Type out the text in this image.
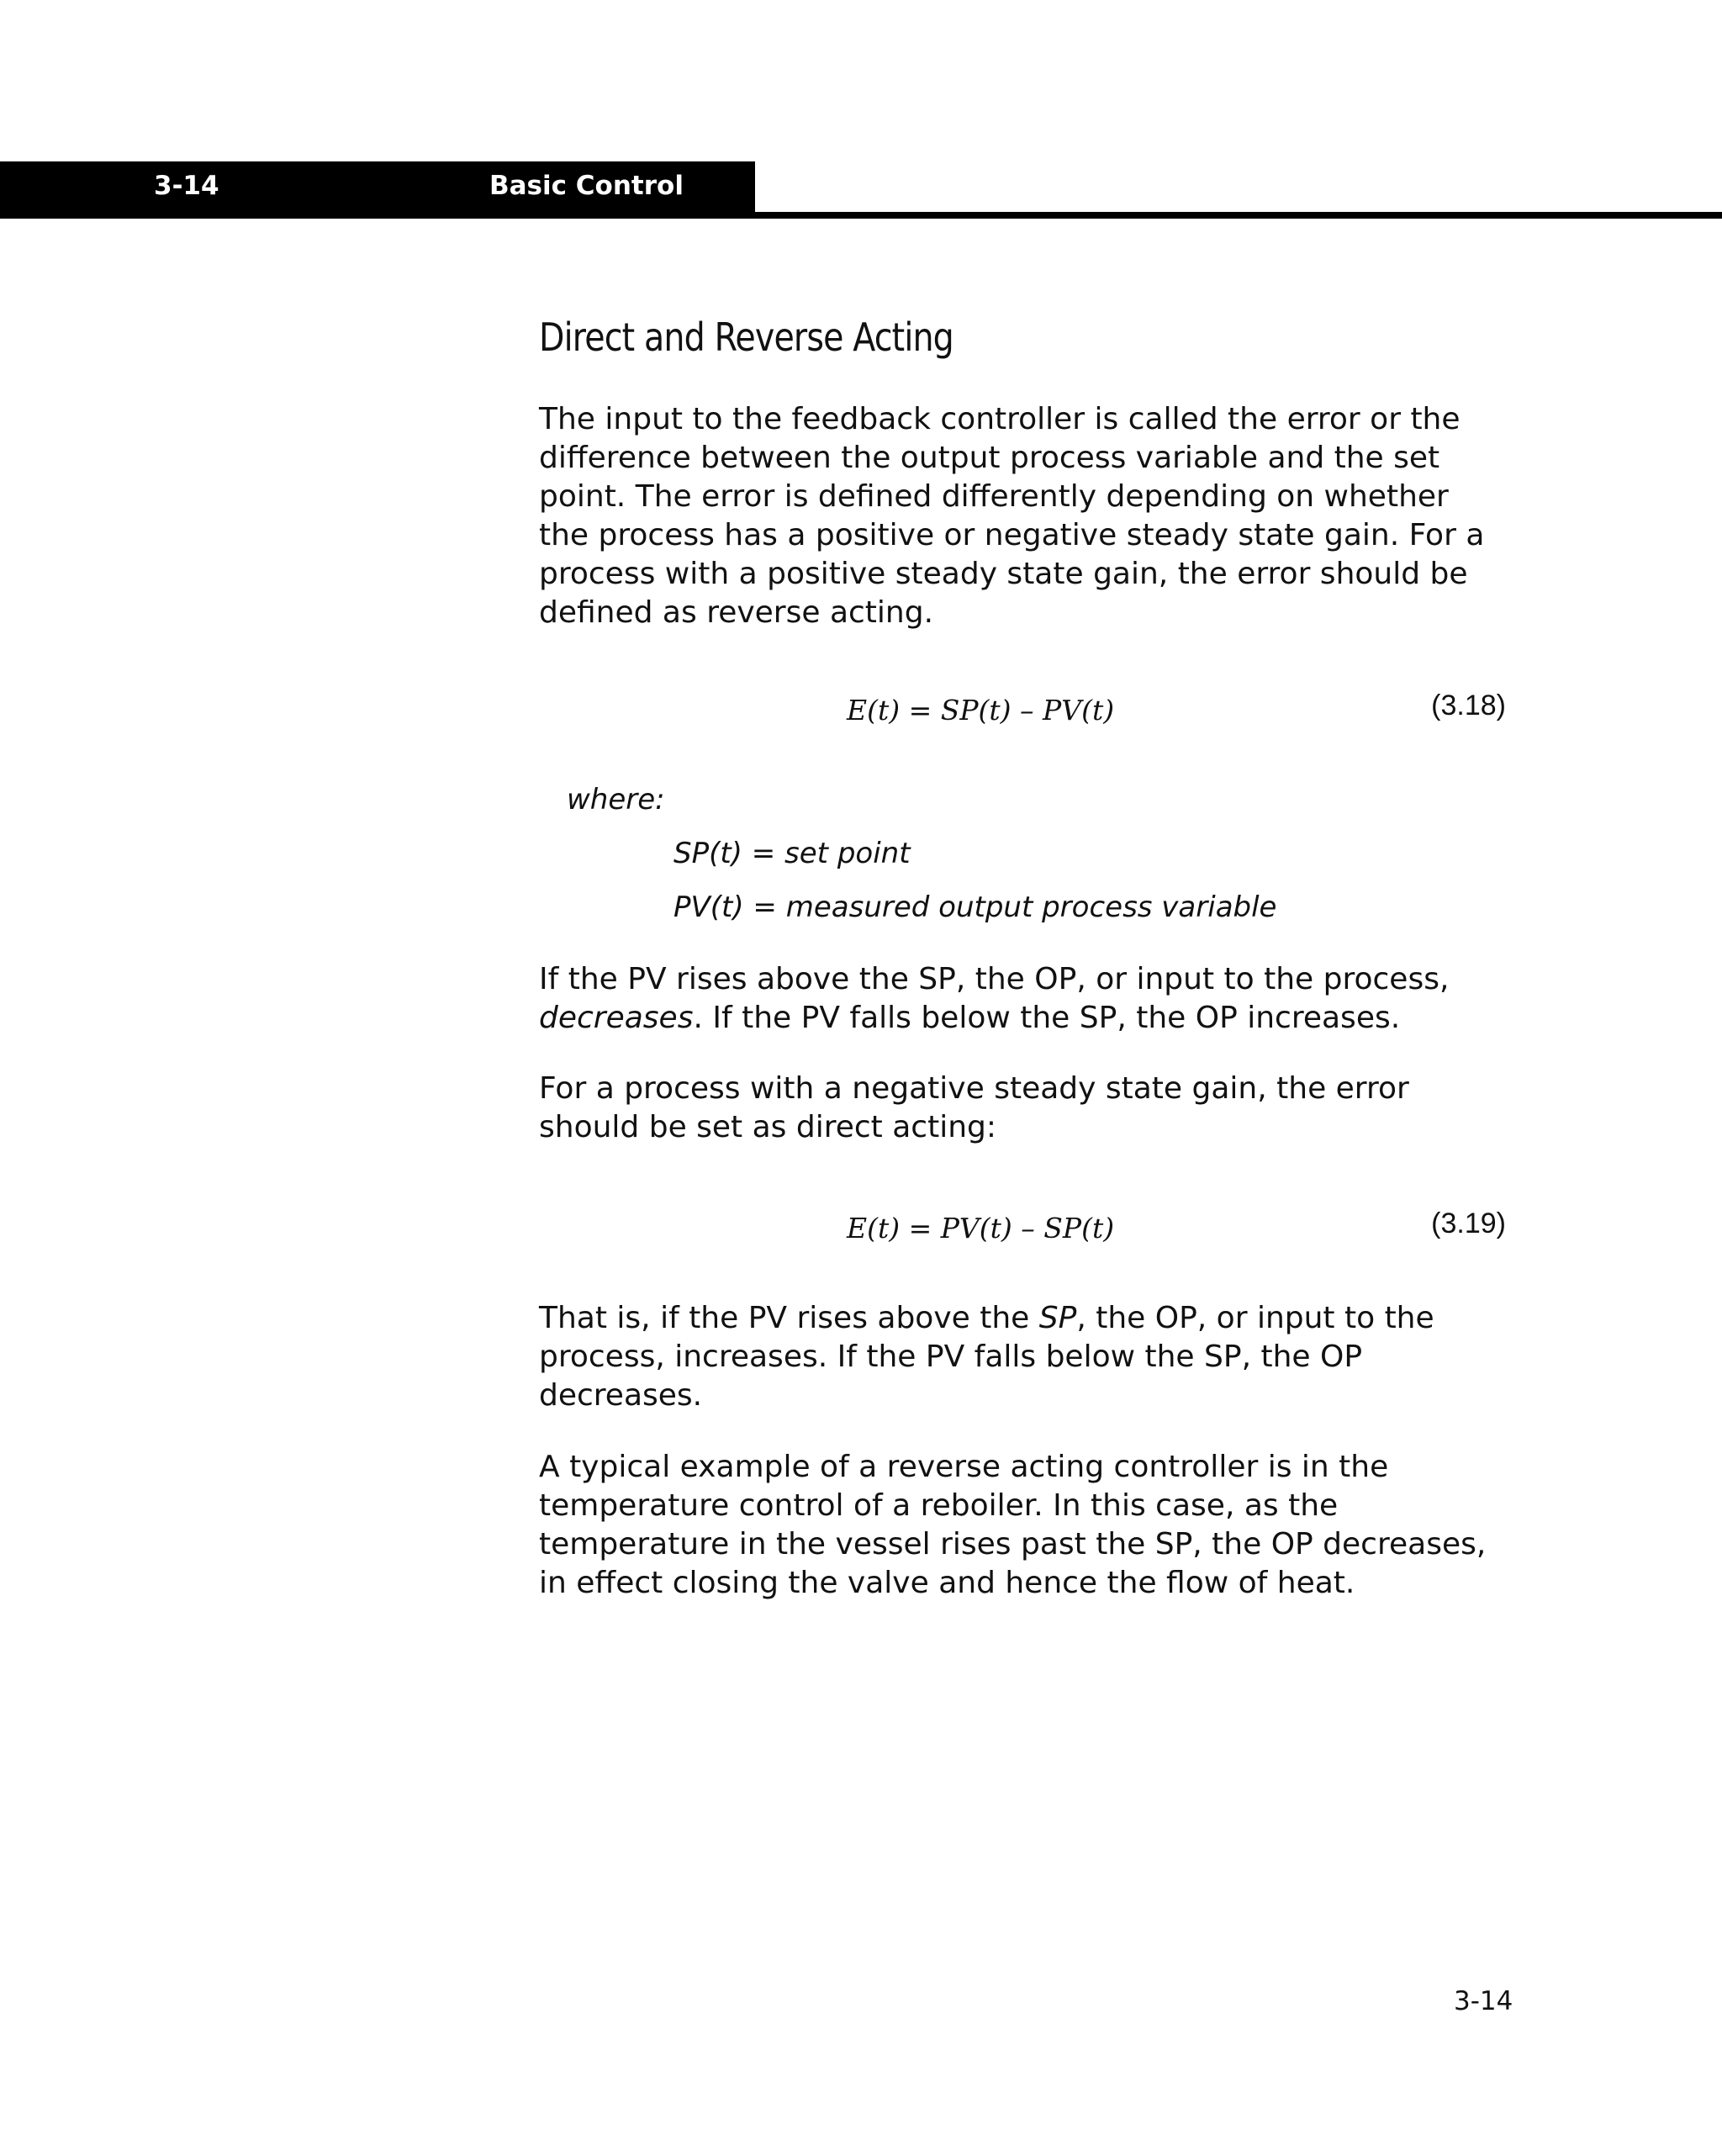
3-14	Basic Control
Direct and Reverse Acting

The input to the feedback controller is called the error or the difference between the output process variable and the set point. The error is defined differently depending on whether the process has a positive or negative steady state gain. For a process with a positive steady state gain, the error should be defined as reverse acting.

E(t) = SP(t) – PV(t)	(3.18)
where:
SP(t) = set point
PV(t) = measured output process variable

If the PV rises above the SP, the OP, or input to the process, decreases. If the PV falls below the SP, the OP increases.

For a process with a negative steady state gain, the error should be set as direct acting:

E(t) = PV(t) – SP(t)	(3.19)

That is, if the PV rises above the SP, the OP, or input to the process, increases. If the PV falls below the SP, the OP decreases.

A typical example of a reverse acting controller is in the temperature control of a reboiler. In this case, as the temperature in the vessel rises past the SP, the OP decreases, in effect closing the valve and hence the flow of heat.

3-14
